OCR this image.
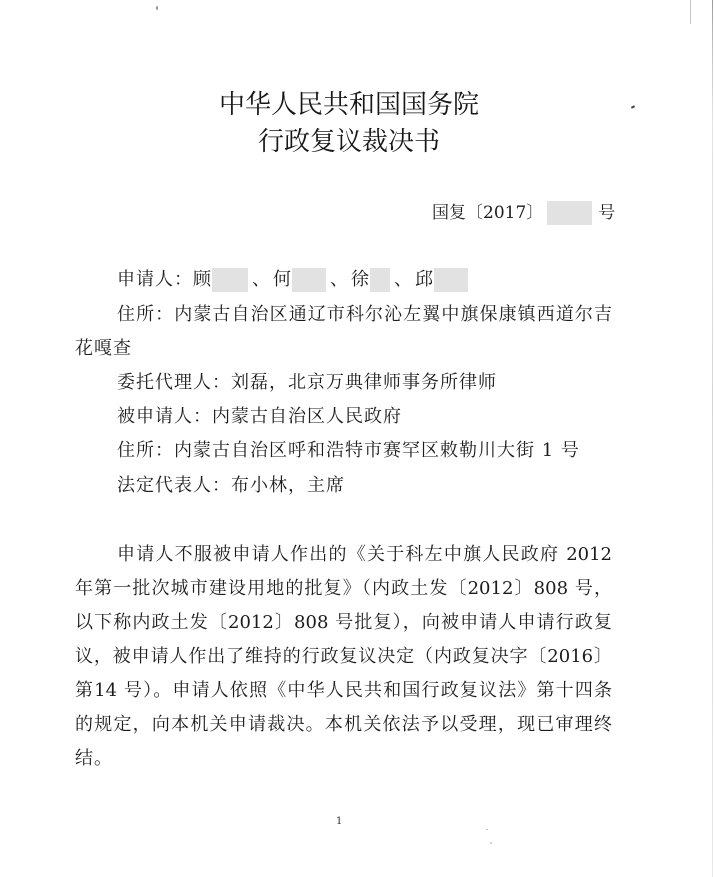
中华人民共和国国务院
行政复议裁决书
国复〔2017〕	号
申请人： 顾 、 何 、 徐 、 邱
住所：内蒙古自治区通辽市科尔沁左翼中旗保康镇西道尔吉
花嘎查
委托代理人：刘磊，北京万典律师事务所律师
被申请人：内蒙古自治区人民政府
住所：内蒙古自治区呼和浩特市赛罕区敕勒川大街 1 号
法定代表人：布小林，主席
申请人不服被申请人作出的《关于科左中旗人民政府 2012
年第一批次城市建设用地的批复》（内政土发〔2012〕808 号，
以下称内政土发〔2012〕808 号批复），向被申请人申请行政复
议，被申请人作出了维持的行政复议决定（内政复决字〔2016〕
第14 号）。申请人依照《中华人民共和国行政复议法》第十四条
的规定，向本机关申请裁决。本机关依法予以受理，现已审理终
结。
1
